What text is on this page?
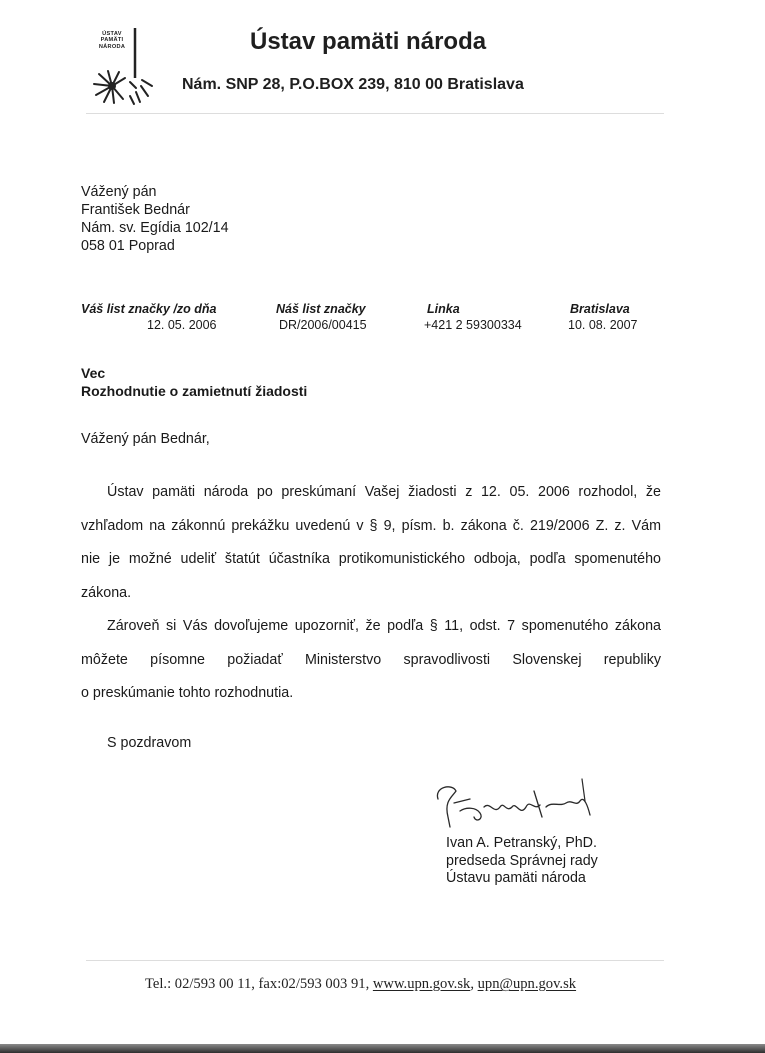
ÚSTAV
PAMÄTI
NÁRODA	Ústav pamäti národa
Nám. SNP 28, P.O.BOX 239, 810 00 Bratislava
Vážený pán
František Bednár
Nám. sv. Egídia 102/14
058 01 Poprad
Váš list značky /zo dňa
12. 05. 2006
Náš list značky
DR/2006/00415
Linka
+421 2 59300334
Bratislava
10. 08. 2007
Vec
Rozhodnutie o zamietnutí žiadosti
Vážený pán Bednár,

Ústav pamäti národa po preskúmaní Vašej žiadosti z 12. 05. 2006 rozhodol, že

vzhľadom na zákonnú prekážku uvedenú v § 9, písm. b. zákona č. 219/2006 Z. z. Vám

nie je možné udeliť štatút účastníka protikomunistického odboja, podľa spomenutého

zákona.

Zároveň si Vás dovoľujeme upozorniť, že podľa § 11, odst. 7 spomenutého zákona

môžete písomne požiadať Ministerstvo spravodlivosti Slovenskej republiky

o preskúmanie tohto rozhodnutia.

S pozdravom
Ivan A. Petranský, PhD.
predseda Správnej rady
Ústavu pamäti národa
Tel.: 02/593 00 11, fax:02/593 003 91, www.upn.gov.sk, upn@upn.gov.sk
